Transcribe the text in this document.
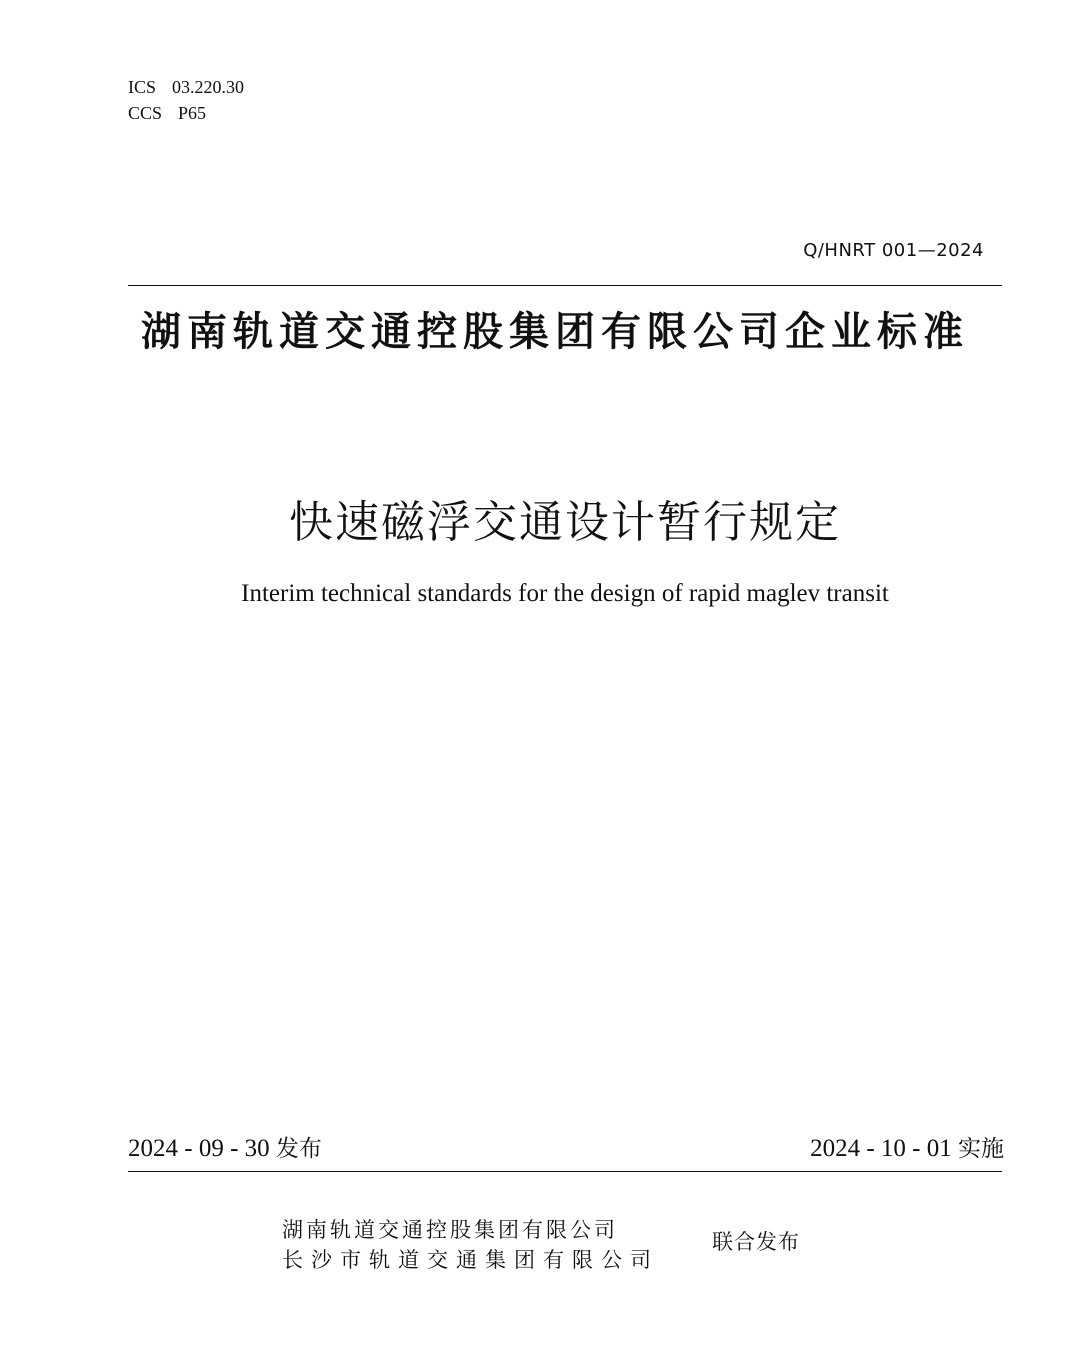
ICS 03.220.30
CCS P65
Q/HNRT 001—2024
湖南轨道交通控股集团有限公司企业标准
快速磁浮交通设计暂行规定
Interim technical standards for the design of rapid maglev transit
2024 - 09 - 30 发布	2024 - 10 - 01 实施
湖南轨道交通控股集团有限公司
长沙市轨道交通集团有限公司
联合发布
